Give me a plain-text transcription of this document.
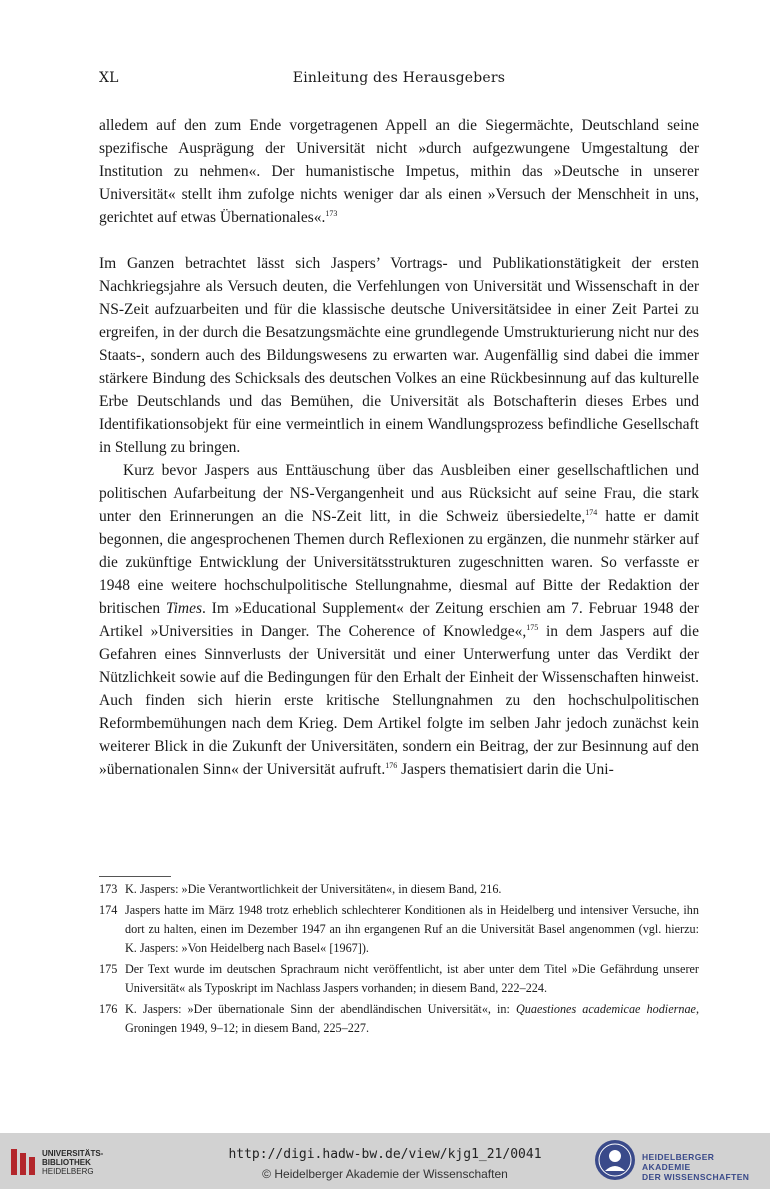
XL	Einleitung des Herausgebers

alledem auf den zum Ende vorgetragenen Appell an die Siegermächte, Deutschland seine spezifische Ausprägung der Universität nicht »durch aufgezwungene Umgestaltung der Institution zu nehmen«. Der humanistische Impetus, mithin das »Deutsche in unserer Universität« stellt ihm zufolge nichts weniger dar als einen »Versuch der Menschheit in uns, gerichtet auf etwas Übernationales«.$^{173}$

Im Ganzen betrachtet lässt sich Jaspers’ Vortrags- und Publikationstätigkeit der ersten Nachkriegsjahre als Versuch deuten, die Verfehlungen von Universität und Wissenschaft in der NS-Zeit aufzuarbeiten und für die klassische deutsche Universitätsidee in einer Zeit Partei zu ergreifen, in der durch die Besatzungsmächte eine grundlegende Umstrukturierung nicht nur des Staats-, sondern auch des Bildungswesens zu erwarten war. Augenfällig sind dabei die immer stärkere Bindung des Schicksals des deutschen Volkes an eine Rückbesinnung auf das kulturelle Erbe Deutschlands und das Bemühen, die Universität als Botschafterin dieses Erbes und Identifikationsobjekt für eine vermeintlich in einem Wandlungsprozess befindliche Gesellschaft in Stellung zu bringen.

Kurz bevor Jaspers aus Enttäuschung über das Ausbleiben einer gesellschaftlichen und politischen Aufarbeitung der NS-Vergangenheit und aus Rücksicht auf seine Frau, die stark unter den Erinnerungen an die NS-Zeit litt, in die Schweiz übersiedelte,$^{174}$ hatte er damit begonnen, die angesprochenen Themen durch Reflexionen zu ergänzen, die nunmehr stärker auf die zukünftige Entwicklung der Universitätsstrukturen zugeschnitten waren. So verfasste er 1948 eine weitere hochschulpolitische Stellungnahme, diesmal auf Bitte der Redaktion der britischen Times. Im »Educational Supplement« der Zeitung erschien am 7. Februar 1948 der Artikel »Universities in Danger. The Coherence of Knowledge«,$^{175}$ in dem Jaspers auf die Gefahren eines Sinnverlusts der Universität und einer Unterwerfung unter das Verdikt der Nützlichkeit sowie auf die Bedingungen für den Erhalt der Einheit der Wissenschaften hinweist. Auch finden sich hierin erste kritische Stellungnahmen zu den hochschulpolitischen Reformbemühungen nach dem Krieg. Dem Artikel folgte im selben Jahr jedoch zunächst kein weiterer Blick in die Zukunft der Universitäten, sondern ein Beitrag, der zur Besinnung auf den »übernationalen Sinn« der Universität aufruft.$^{176}$ Jaspers thematisiert darin die Uni-

173 K. Jaspers: »Die Verantwortlichkeit der Universitäten«, in diesem Band, 216.
174 Jaspers hatte im März 1948 trotz erheblich schlechterer Konditionen als in Heidelberg und intensiver Versuche, ihn dort zu halten, einen im Dezember 1947 an ihn ergangenen Ruf an die Universität Basel angenommen (vgl. hierzu: K. Jaspers: »Von Heidelberg nach Basel« [1967]).
175 Der Text wurde im deutschen Sprachraum nicht veröffentlicht, ist aber unter dem Titel »Die Gefährdung unserer Universität« als Typoskript im Nachlass Jaspers vorhanden; in diesem Band, 222–224.
176 K. Jaspers: »Der übernationale Sinn der abendländischen Universität«, in: Quaestiones academicae hodiernae, Groningen 1949, 9–12; in diesem Band, 225–227.
UNIVERSITÄTS-
BIBLIOTHEK
HEIDELBERG
http://digi.hadw-bw.de/view/kjg1_21/0041
© Heidelberger Akademie der Wissenschaften
HEIDELBERGER AKADEMIE
DER WISSENSCHAFTEN
